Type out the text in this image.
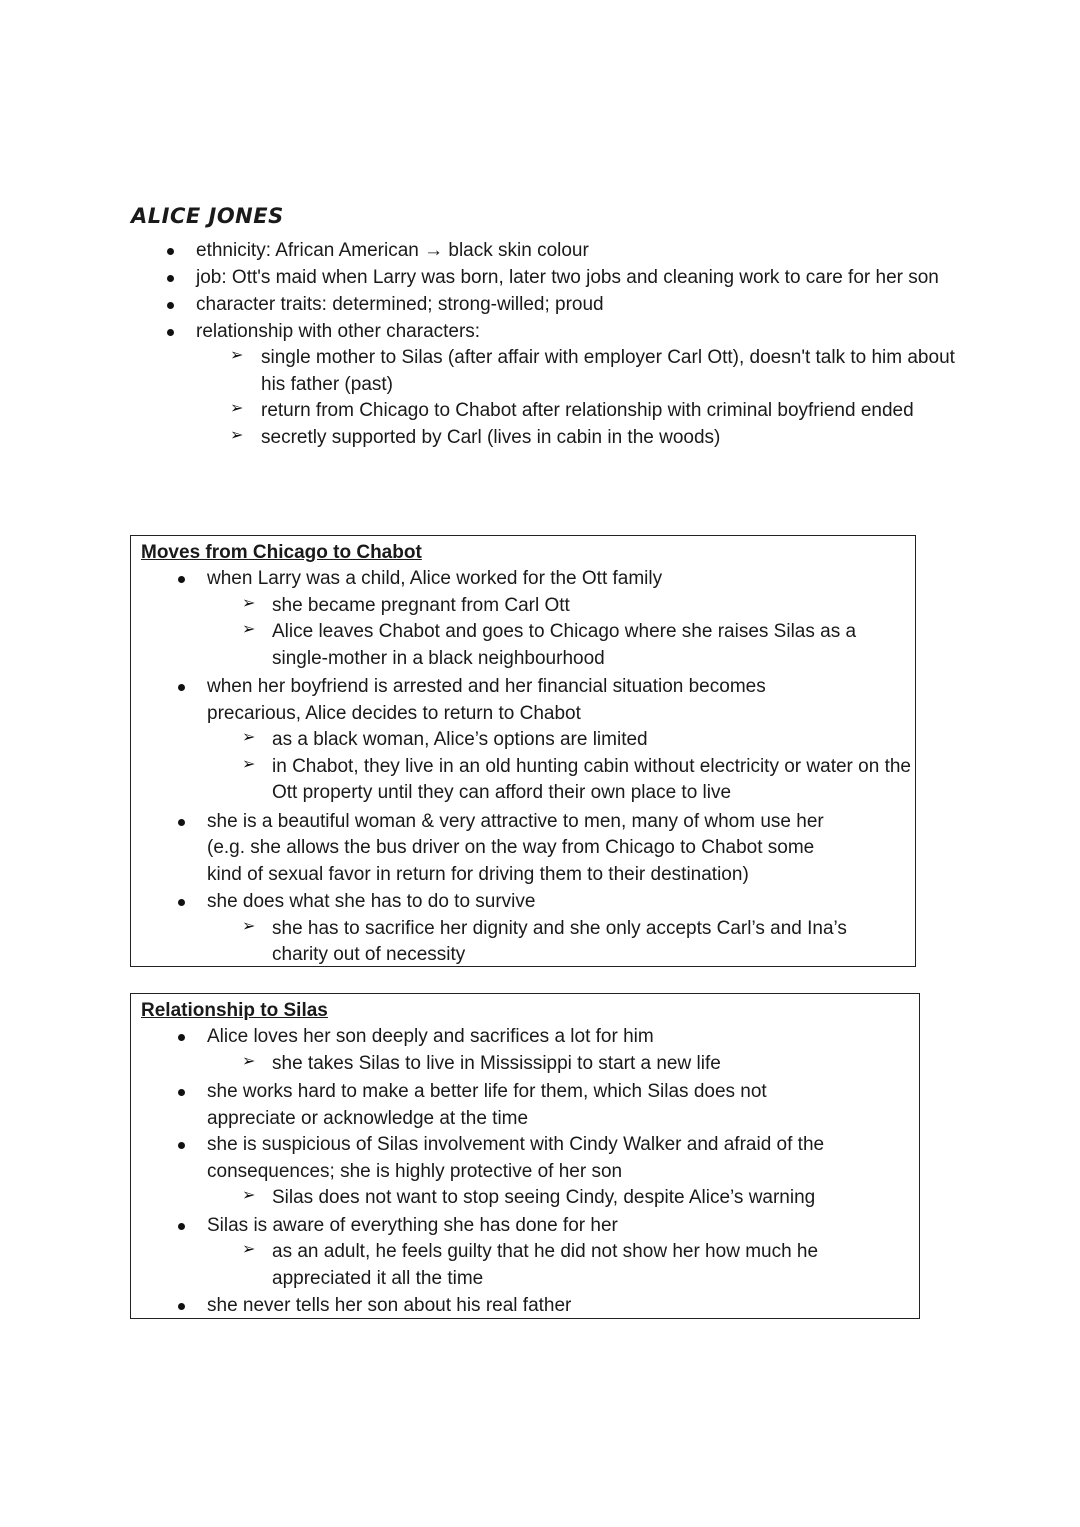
ALICE JONES
ethnicity: African American → black skin colour
job: Ott's maid when Larry was born, later two jobs and cleaning work to care for her son
character traits: determined; strong-willed; proud
relationship with other characters:
➢ single mother to Silas (after affair with employer Carl Ott), doesn't talk to him about his father (past)
➢ return from Chicago to Chabot after relationship with criminal boyfriend ended
➢ secretly supported by Carl (lives in cabin in the woods)
Moves from Chicago to Chabot
when Larry was a child, Alice worked for the Ott family
➢ she became pregnant from Carl Ott
➢ Alice leaves Chabot and goes to Chicago where she raises Silas as a single-mother in a black neighbourhood
when her boyfriend is arrested and her financial situation becomes precarious, Alice decides to return to Chabot
➢ as a black woman, Alice’s options are limited
➢ in Chabot, they live in an old hunting cabin without electricity or water on the Ott property until they can afford their own place to live
she is a beautiful woman & very attractive to men, many of whom use her (e.g. she allows the bus driver on the way from Chicago to Chabot some kind of sexual favor in return for driving them to their destination)
she does what she has to do to survive
➢ she has to sacrifice her dignity and she only accepts Carl’s and Ina’s charity out of necessity
Relationship to Silas
Alice loves her son deeply and sacrifices a lot for him
➢ she takes Silas to live in Mississippi to start a new life
she works hard to make a better life for them, which Silas does not appreciate or acknowledge at the time
she is suspicious of Silas involvement with Cindy Walker and afraid of the consequences; she is highly protective of her son
➢ Silas does not want to stop seeing Cindy, despite Alice’s warning
Silas is aware of everything she has done for her
➢ as an adult, he feels guilty that he did not show her how much he appreciated it all the time
she never tells her son about his real father
